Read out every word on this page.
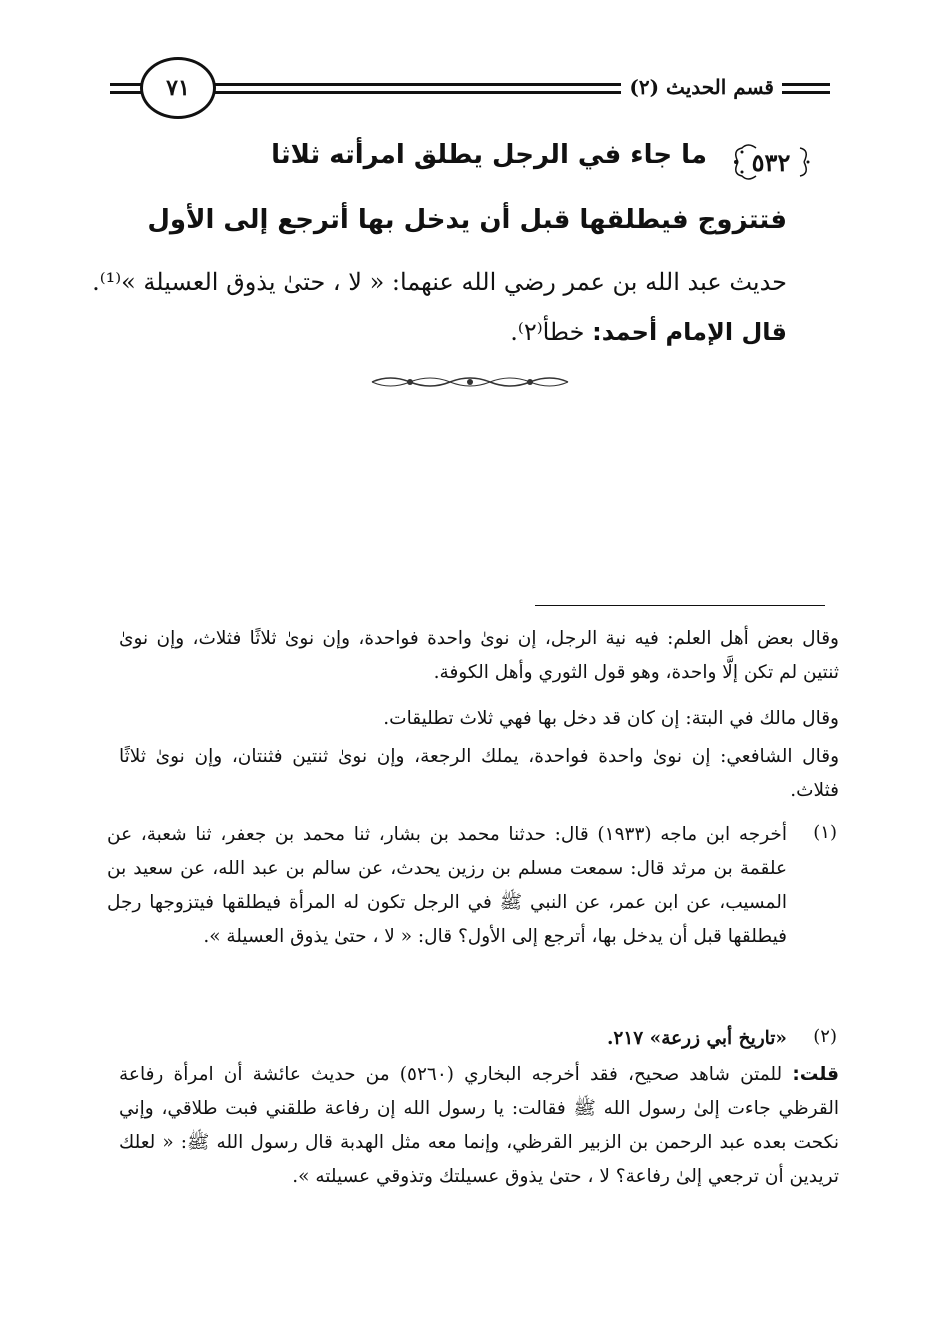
٧١	قسم الحديث (٢)
٥٣٢
ما جاء في الرجل يطلق امرأته ثلاثا
فتتزوج فيطلقها قبل أن يدخل بها أترجع إلى الأول
حديث عبد الله بن عمر رضي الله عنهما: « لا ، حتىٰ يذوق العسيلة »⁽¹⁾.
قال الإمام أحمد: خطأ⁽٢⁾.
وقال بعض أهل العلم: فيه نية الرجل، إن نوىٰ واحدة فواحدة، وإن نوىٰ ثلاثًا فثلاث، وإن نوىٰ ثنتين لم تكن إلَّا واحدة، وهو قول الثوري وأهل الكوفة.
وقال مالك في البتة: إن كان قد دخل بها فهي ثلاث تطليقات.
وقال الشافعي: إن نوىٰ واحدة فواحدة، يملك الرجعة، وإن نوىٰ ثنتين فثنتان، وإن نوىٰ ثلاثًا فثلاث.
(١)
أخرجه ابن ماجه (١٩٣٣) قال: حدثنا محمد بن بشار، ثنا محمد بن جعفر، ثنا شعبة، عن علقمة بن مرثد قال: سمعت مسلم بن رزين يحدث، عن سالم بن عبد الله، عن سعيد بن المسيب، عن ابن عمر، عن النبي ﷺ في الرجل تكون له المرأة فيطلقها فيتزوجها رجل فيطلقها قبل أن يدخل بها، أترجع إلى الأول؟ قال: « لا ، حتىٰ يذوق العسيلة ».
(٢)
«تاريخ أبي زرعة» ٢١٧.
قلت: للمتن شاهد صحيح، فقد أخرجه البخاري (٥٢٦٠) من حديث عائشة أن امرأة رفاعة القرظي جاءت إلىٰ رسول الله ﷺ فقالت: يا رسول الله إن رفاعة طلقني فبت طلاقي، وإني نكحت بعده عبد الرحمن بن الزبير القرظي، وإنما معه مثل الهدبة قال رسول الله ﷺ: « لعلك تريدين أن ترجعي إلىٰ رفاعة؟ لا ، حتىٰ يذوق عسيلتك وتذوقي عسيلته ».
